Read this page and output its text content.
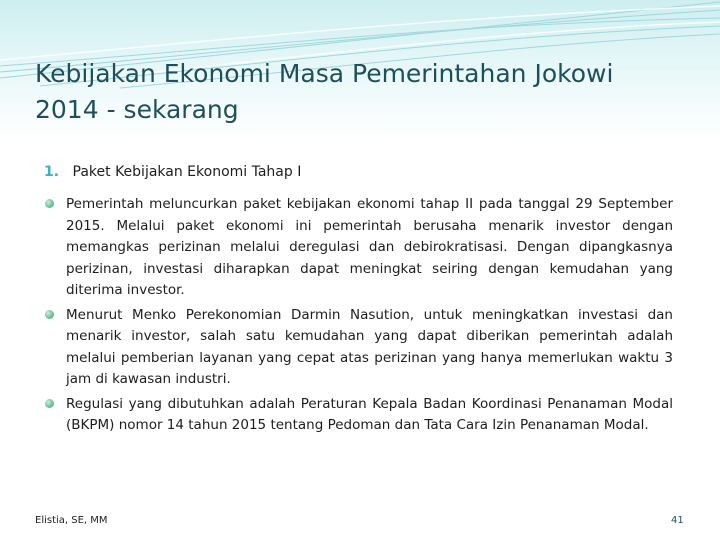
Kebijakan Ekonomi Masa Pemerintahan Jokowi
2014 - sekarang
1. Paket Kebijakan Ekonomi Tahap I
Pemerintah meluncurkan paket kebijakan ekonomi tahap II pada tanggal 29 September 2015. Melalui paket ekonomi ini pemerintah berusaha menarik investor dengan memangkas perizinan melalui deregulasi dan debirokratisasi. Dengan dipangkasnya perizinan, investasi diharapkan dapat meningkat seiring dengan kemudahan yang diterima investor.
Menurut Menko Perekonomian Darmin Nasution, untuk meningkatkan investasi dan menarik investor, salah satu kemudahan yang dapat diberikan pemerintah adalah melalui pemberian layanan yang cepat atas perizinan yang hanya memerlukan waktu 3 jam di kawasan industri.
Regulasi yang dibutuhkan adalah Peraturan Kepala Badan Koordinasi Penanaman Modal (BKPM) nomor 14 tahun 2015 tentang Pedoman dan Tata Cara Izin Penanaman Modal.
Elistia, SE, MM	41
